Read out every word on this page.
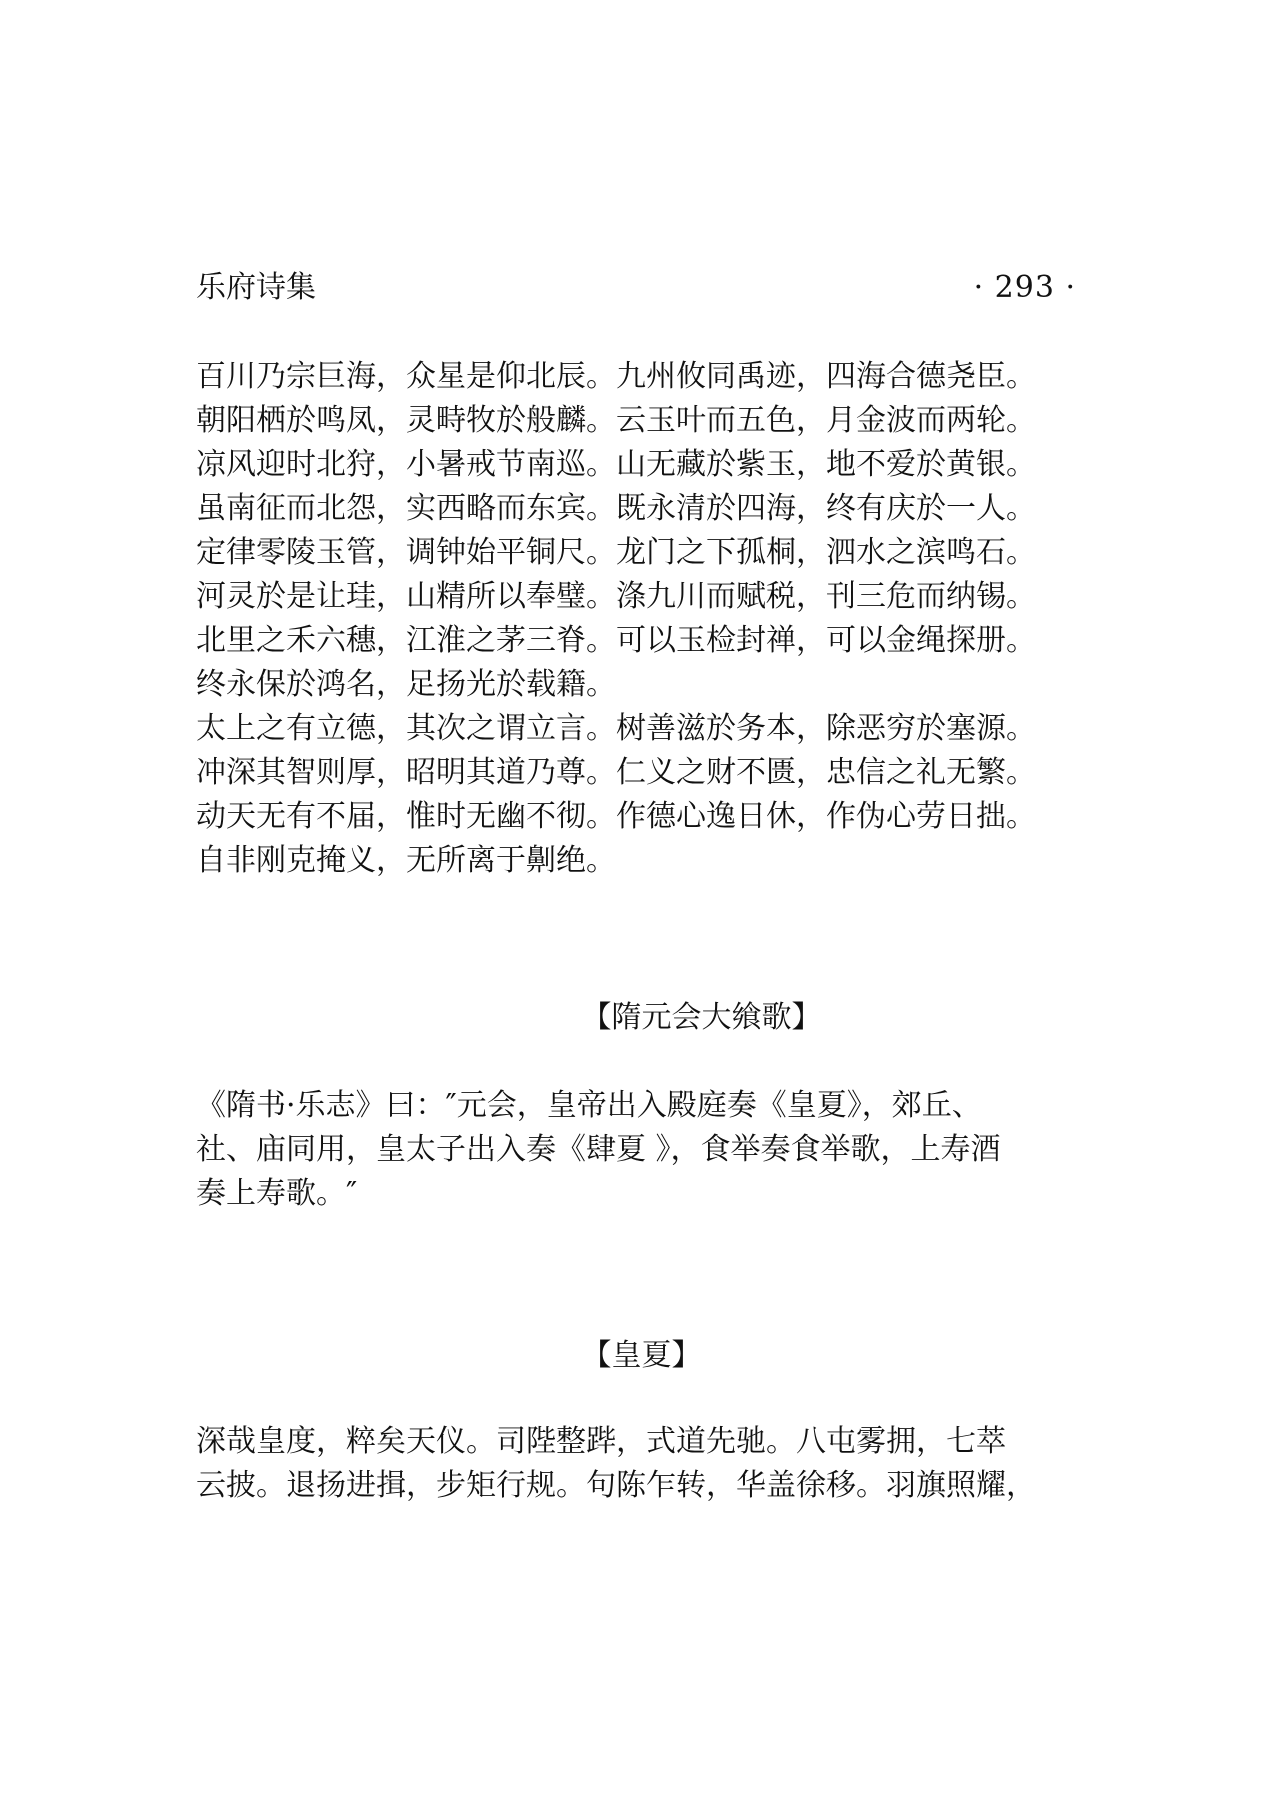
乐府诗集	· 293 ·
百川乃宗巨海，众星是仰北辰。九州攸同禹迹，四海合德尧臣。
朝阳栖於鸣凤，灵畤牧於般麟。云玉叶而五色，月金波而两轮。
凉风迎时北狩，小暑戒节南巡。山无藏於紫玉，地不爱於黄银。
虽南征而北怨，实西略而东宾。既永清於四海，终有庆於一人。
定律零陵玉管，调钟始平铜尺。龙门之下孤桐，泗水之滨鸣石。
河灵於是让珪，山精所以奉璧。涤九川而赋税，刊三危而纳锡。
北里之禾六穗，江淮之茅三脊。可以玉检封禅，可以金绳探册。
终永保於鸿名，足扬光於载籍。
太上之有立德，其次之谓立言。树善滋於务本，除恶穷於塞源。
冲深其智则厚，昭明其道乃尊。仁义之财不匮，忠信之礼无繁。
动天无有不届，惟时无幽不彻。作德心逸日休，作伪心劳日拙。
自非刚克掩义，无所离于劓绝。
【隋元会大飨歌】
《隋书·乐志》曰：″元会，皇帝出入殿庭奏《皇夏》，郊丘、
社、庙同用，皇太子出入奏《肆夏 》，食举奏食举歌，上寿酒
奏上寿歌。″
【皇夏】
深哉皇度，粹矣天仪。司陛整跸，式道先驰。八屯雾拥，七萃
云披。退扬进揖，步矩行规。句陈乍转，华盖徐移。羽旗照耀，
